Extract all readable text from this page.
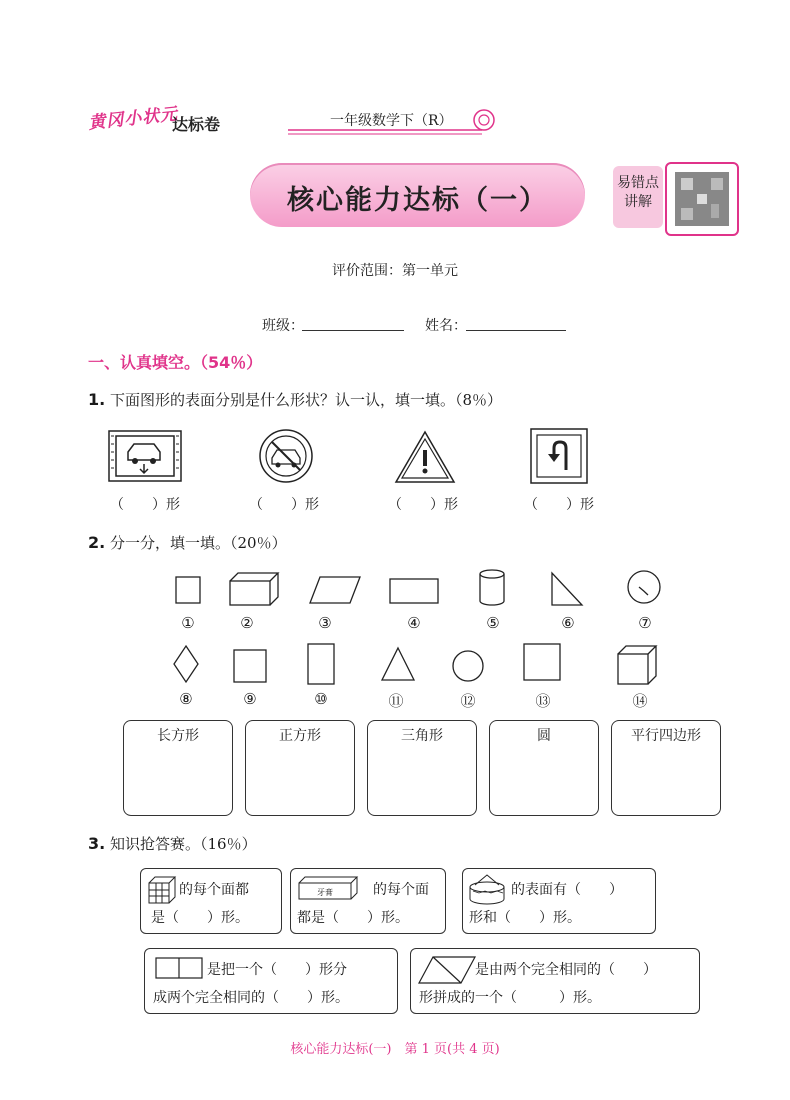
黄冈小状元
达标卷	一年级数学下（R）
核心能力达标（一）
易错点
讲解
评价范围：第一单元
班级：	姓名：
一、认真填空。（54％）
1. 下面图形的表面分别是什么形状？认一认，填一填。（8％）
（　　）形	（　　）形	（　　）形	（　　）形
2. 分一分，填一填。（20％）
①	②	③	④	⑤	⑥	⑦
⑧	⑨	⑩	⑪	⑫	⑬	⑭
长方形	正方形	三角形	圆	平行四边形
3. 知识抢答赛。（16％）
的每个面都
是（　　）形。
牙膏	的每个面
都是（　　）形。
的表面有（　　）
形和（　　）形。
是把一个（　　）形分
成两个完全相同的（　　）形。
是由两个完全相同的（　　）
形拼成的一个（　　　）形。
核心能力达标(一)　第 1 页(共 4 页)
